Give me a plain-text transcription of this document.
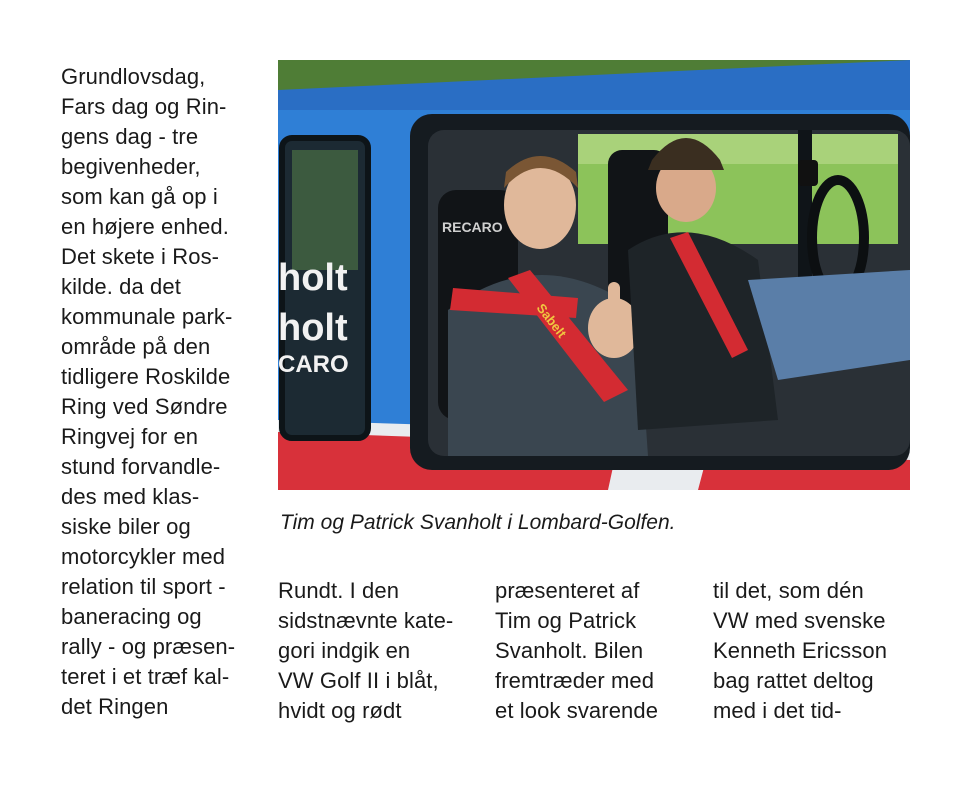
Grundlovsdag,
Fars dag og Rin-
gens dag - tre
begivenheder,
som kan gå op i
en højere enhed.
Det skete i Ros-
kilde. da det
kommunale park-
område på den
tidligere Roskilde
Ring ved Søndre
Ringvej for en
stund forvandle-
des med klas-
siske biler og
motorcykler med
relation til sport -
baneracing og
rally - og præsen-
teret i et træf kal-
det Ringen
holt
holt
CARO
RECARO
Sabelt
Tim og Patrick Svanholt i Lombard-Golfen.
Rundt. I den
sidstnævnte kate-
gori indgik en
VW Golf II i blåt,
hvidt og rødt
præsenteret af
Tim og Patrick
Svanholt. Bilen
fremtræder med
et look svarende
til det, som dén
VW med svenske
Kenneth Ericsson
bag rattet deltog
med i det tid-
